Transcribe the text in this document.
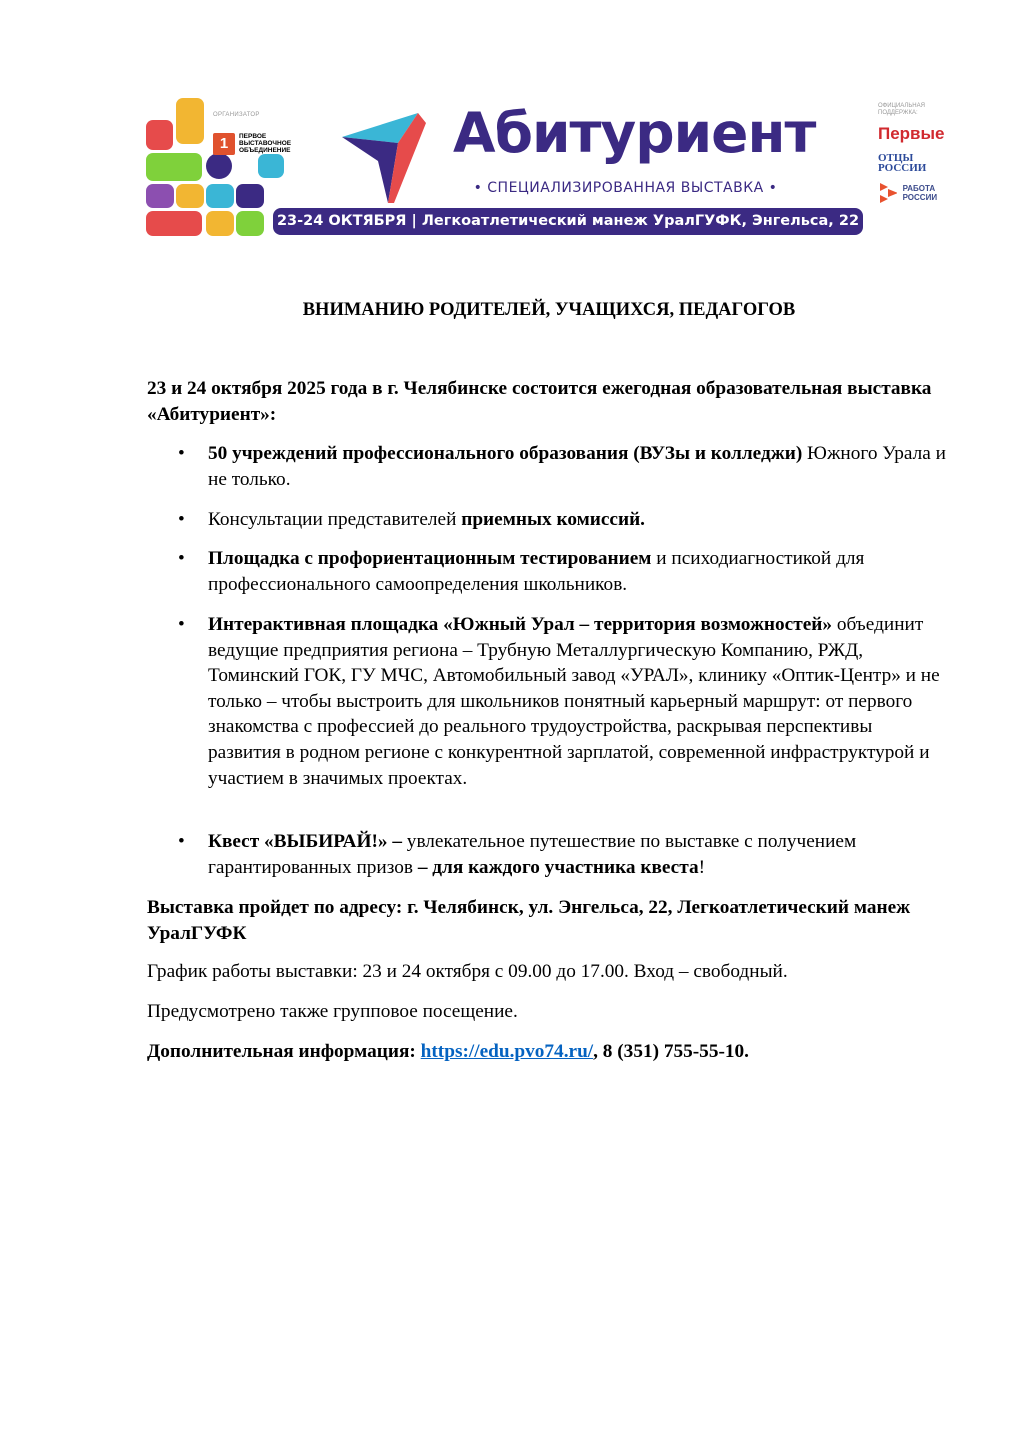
ОРГАНИЗАТОР
1	ПЕРВОЕ ВЫСТАВОЧНОЕ ОБЪЕДИНЕНИЕ	Абитуриент
• СПЕЦИАЛИЗИРОВАННАЯ ВЫСТАВКА •
23-24 ОКТЯБРЯ | Легкоатлетический манеж УралГУФК, Энгельса, 22
ОФИЦИАЛЬНАЯ ПОДДЕРЖКА:
Первые
ОТЦЫ РОССИИ
РАБОТА РОССИИ
ВНИМАНИЮ РОДИТЕЛЕЙ, УЧАЩИХСЯ, ПЕДАГОГОВ
23 и 24 октября 2025 года в г. Челябинске состоится ежегодная образовательная выставка «Абитуриент»:
• 50 учреждений профессионального образования (ВУЗы и колледжи) Южного Урала и не только.
• Консультации представителей приемных комиссий.
• Площадка с профориентационным тестированием и психодиагностикой для профессионального самоопределения школьников.
• Интерактивная площадка «Южный Урал – территория возможностей» объединит ведущие предприятия региона – Трубную Металлургическую Компанию, РЖД, Томинский ГОК, ГУ МЧС, Автомобильный завод «УРАЛ», клинику «Оптик-Центр» и не только – чтобы выстроить для школьников понятный карьерный маршрут: от первого знакомства с профессией до реального трудоустройства, раскрывая перспективы развития в родном регионе с конкурентной зарплатой, современной инфраструктурой и участием в значимых проектах.
• Квест «ВЫБИРАЙ!» – увлекательное путешествие по выставке с получением гарантированных призов – для каждого участника квеста!
Выставка пройдет по адресу: г. Челябинск, ул. Энгельса, 22, Легкоатлетический манеж УралГУФК
График работы выставки: 23 и 24 октября с 09.00 до 17.00. Вход – свободный.
Предусмотрено также групповое посещение.
Дополнительная информация: https://edu.pvo74.ru/, 8 (351) 755-55-10.
